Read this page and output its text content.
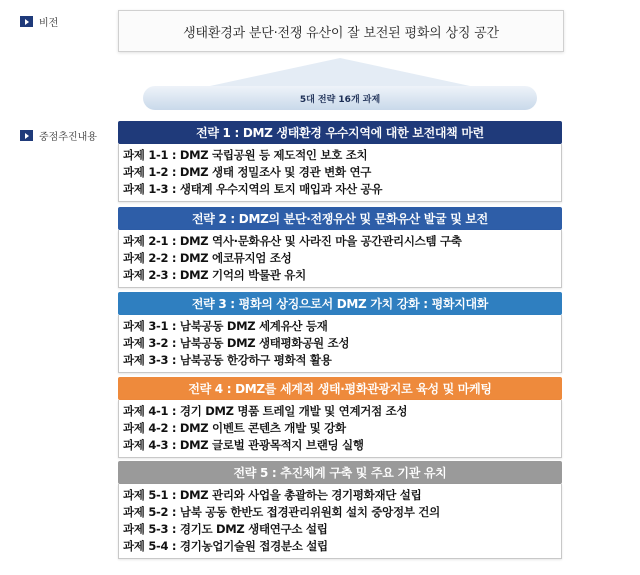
비전
생태환경과 분단·전쟁 유산이 잘 보전된 평화의 상징 공간
5대 전략 16개 과제
중점추진내용	전략 1 : DMZ 생태환경 우수지역에 대한 보전대책 마련
과제 1-1 : DMZ 국립공원 등 제도적인 보호 조치
과제 1-2 : DMZ 생태 정밀조사 및 경관 변화 연구
과제 1-3 : 생태계 우수지역의 토지 매입과 자산 공유
전략 2 : DMZ의 분단·전쟁유산 및 문화유산 발굴 및 보전
과제 2-1 : DMZ 역사·문화유산 및 사라진 마을 공간관리시스템 구축
과제 2-2 : DMZ 에코뮤지엄 조성
과제 2-3 : DMZ 기억의 박물관 유치
전략 3 : 평화의 상징으로서 DMZ 가치 강화 : 평화지대화
과제 3-1 : 남북공동 DMZ 세계유산 등재
과제 3-2 : 남북공동 DMZ 생태평화공원 조성
과제 3-3 : 남북공동 한강하구 평화적 활용
전략 4 : DMZ를 세계적 생태·평화관광지로 육성 및 마케팅
과제 4-1 : 경기 DMZ 명품 트레일 개발 및 연계거점 조성
과제 4-2 : DMZ 이벤트 콘텐츠 개발 및 강화
과제 4-3 : DMZ 글로벌 관광목적지 브랜딩 실행
전략 5 : 추진체계 구축 및 주요 기관 유치
과제 5-1 : DMZ 관리와 사업을 총괄하는 경기평화재단 설립
과제 5-2 : 남북 공동 한반도 접경관리위원회 설치 중앙정부 건의
과제 5-3 : 경기도 DMZ 생태연구소 설립
과제 5-4 : 경기농업기술원 접경분소 설립
